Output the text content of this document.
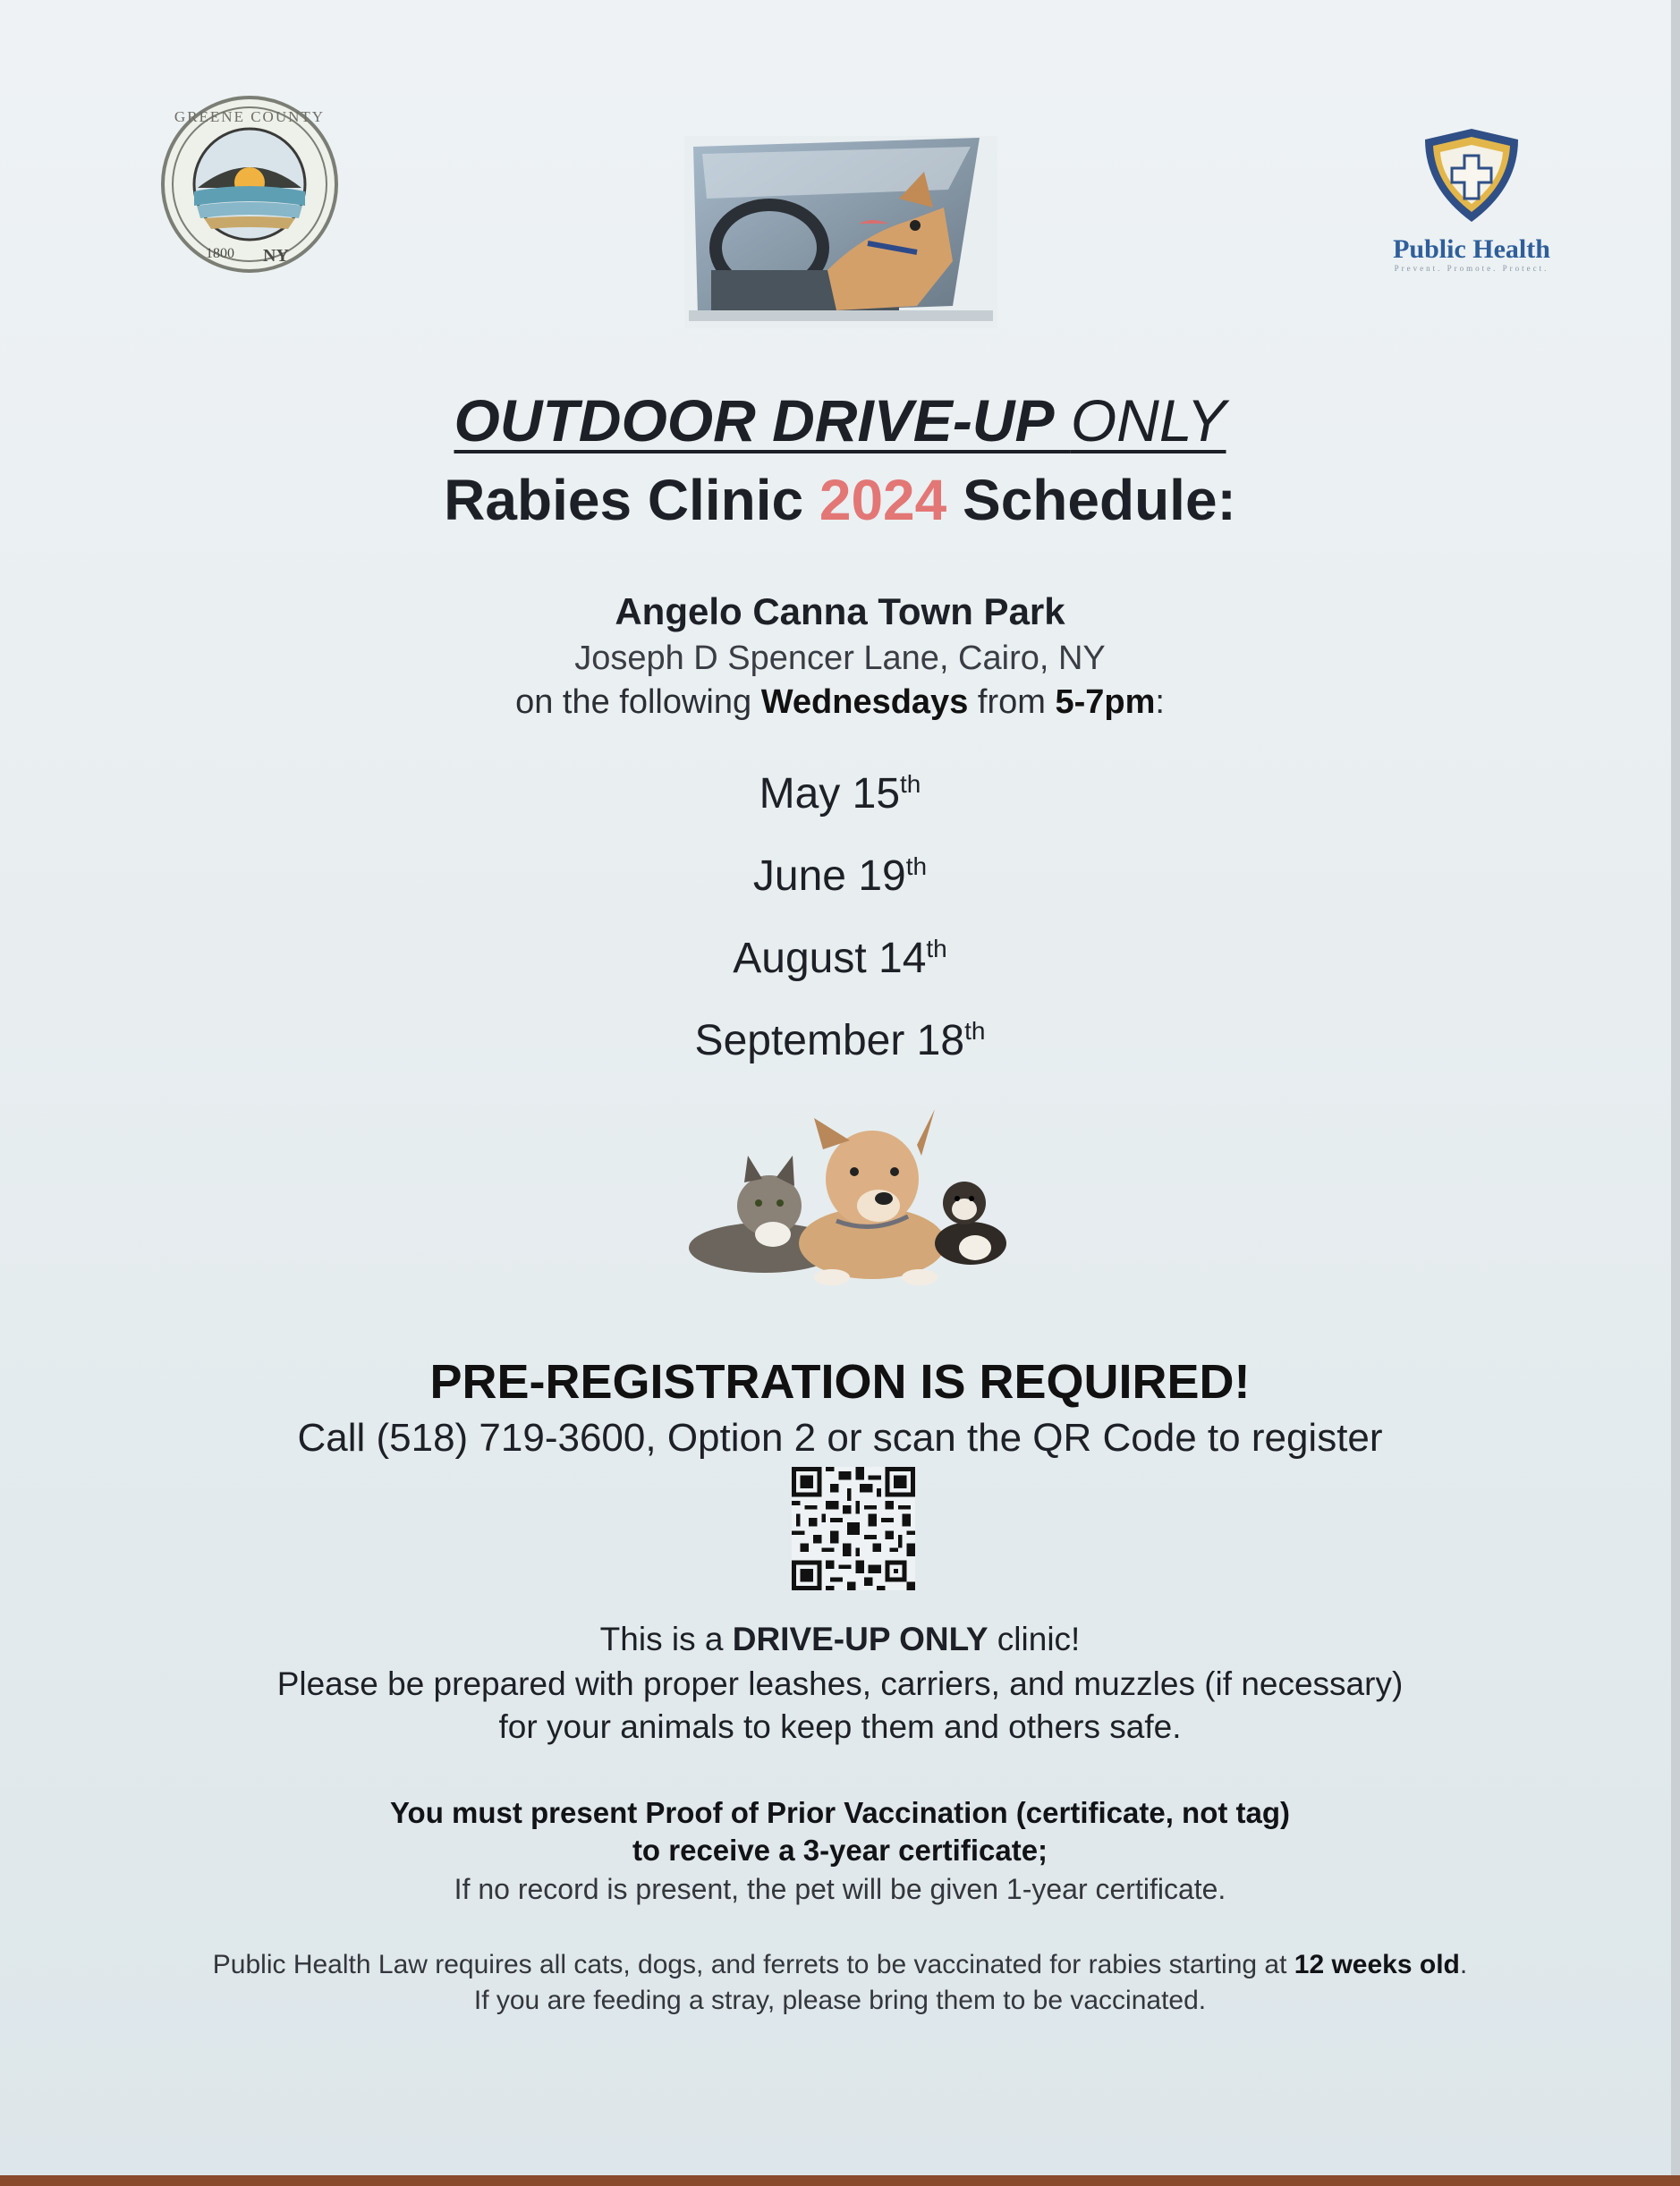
GREENE COUNTY
1800 NY	Public Health
Prevent. Promote. Protect.
OUTDOOR DRIVE-UP ONLY
Rabies Clinic 2024 Schedule:
Angelo Canna Town Park
Joseph D Spencer Lane, Cairo, NY
on the following Wednesdays from 5-7pm:
May 15th
June 19th
August 14th
September 18th
PRE-REGISTRATION IS REQUIRED!
Call (518) 719-3600, Option 2 or scan the QR Code to register
This is a DRIVE-UP ONLY clinic!
Please be prepared with proper leashes, carriers, and muzzles (if necessary)
for your animals to keep them and others safe.
You must present Proof of Prior Vaccination (certificate, not tag)
to receive a 3-year certificate;
If no record is present, the pet will be given 1-year certificate.
Public Health Law requires all cats, dogs, and ferrets to be vaccinated for rabies starting at 12 weeks old.
If you are feeding a stray, please bring them to be vaccinated.
